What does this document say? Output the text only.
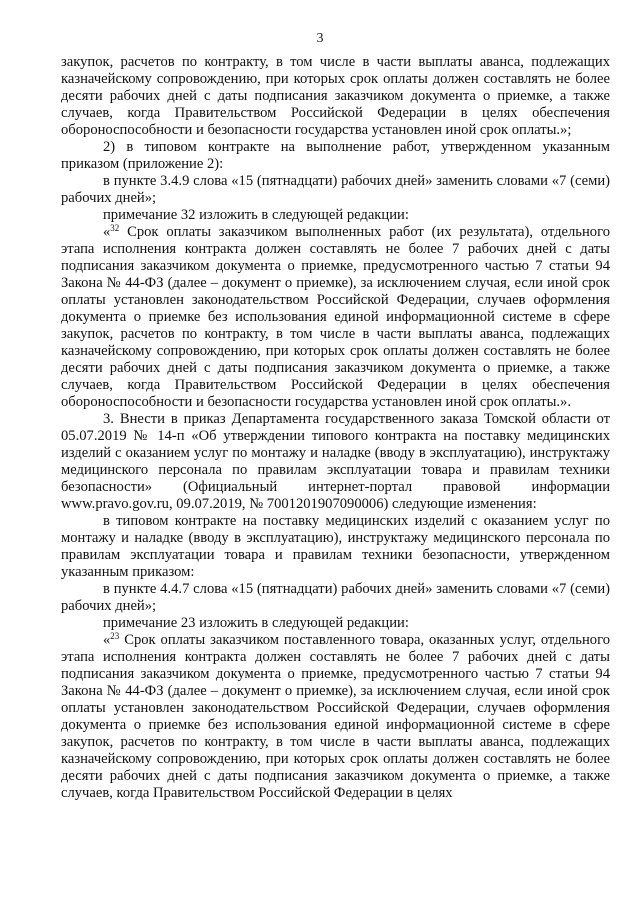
3

закупок, расчетов по контракту, в том числе в части выплаты аванса, подлежащих казначейскому сопровождению, при которых срок оплаты должен составлять не более десяти рабочих дней с даты подписания заказчиком документа о приемке, а также случаев, когда Правительством Российской Федерации в целях обеспечения обороноспособности и безопасности государства установлен иной срок оплаты.»;

2) в типовом контракте на выполнение работ, утвержденном указанным приказом (приложение 2):

в пункте 3.4.9 слова «15 (пятнадцати) рабочих дней» заменить словами «7 (семи) рабочих дней»;

примечание 32 изложить в следующей редакции:

«$^{32}$ Срок оплаты заказчиком выполненных работ (их результата), отдельного этапа исполнения контракта должен составлять не более 7 рабочих дней с даты подписания заказчиком документа о приемке, предусмотренного частью 7 статьи 94 Закона № 44-ФЗ (далее – документ о приемке), за исключением случая, если иной срок оплаты установлен законодательством Российской Федерации, случаев оформления документа о приемке без использования единой информационной системе в сфере закупок, расчетов по контракту, в том числе в части выплаты аванса, подлежащих казначейскому сопровождению, при которых срок оплаты должен составлять не более десяти рабочих дней с даты подписания заказчиком документа о приемке, а также случаев, когда Правительством Российской Федерации в целях обеспечения обороноспособности и безопасности государства установлен иной срок оплаты.».

3. Внести в приказ Департамента государственного заказа Томской области от 05.07.2019 № 14-п «Об утверждении типового контракта на поставку медицинских изделий с оказанием услуг по монтажу и наладке (вводу в эксплуатацию), инструктажу медицинского персонала по правилам эксплуатации товара и правилам техники безопасности» (Официальный интернет-портал правовой информации www.pravo.gov.ru, 09.07.2019, № 7001201907090006) следующие изменения:

в типовом контракте на поставку медицинских изделий с оказанием услуг по монтажу и наладке (вводу в эксплуатацию), инструктажу медицинского персонала по правилам эксплуатации товара и правилам техники безопасности, утвержденном указанным приказом:

в пункте 4.4.7 слова «15 (пятнадцати) рабочих дней» заменить словами «7 (семи) рабочих дней»;

примечание 23 изложить в следующей редакции:

«$^{23}$ Срок оплаты заказчиком поставленного товара, оказанных услуг, отдельного этапа исполнения контракта должен составлять не более 7 рабочих дней с даты подписания заказчиком документа о приемке, предусмотренного частью 7 статьи 94 Закона № 44-ФЗ (далее – документ о приемке), за исключением случая, если иной срок оплаты установлен законодательством Российской Федерации, случаев оформления документа о приемке без использования единой информационной системе в сфере закупок, расчетов по контракту, в том числе в части выплаты аванса, подлежащих казначейскому сопровождению, при которых срок оплаты должен составлять не более десяти рабочих дней с даты подписания заказчиком документа о приемке, а также случаев, когда Правительством Российской Федерации в целях
